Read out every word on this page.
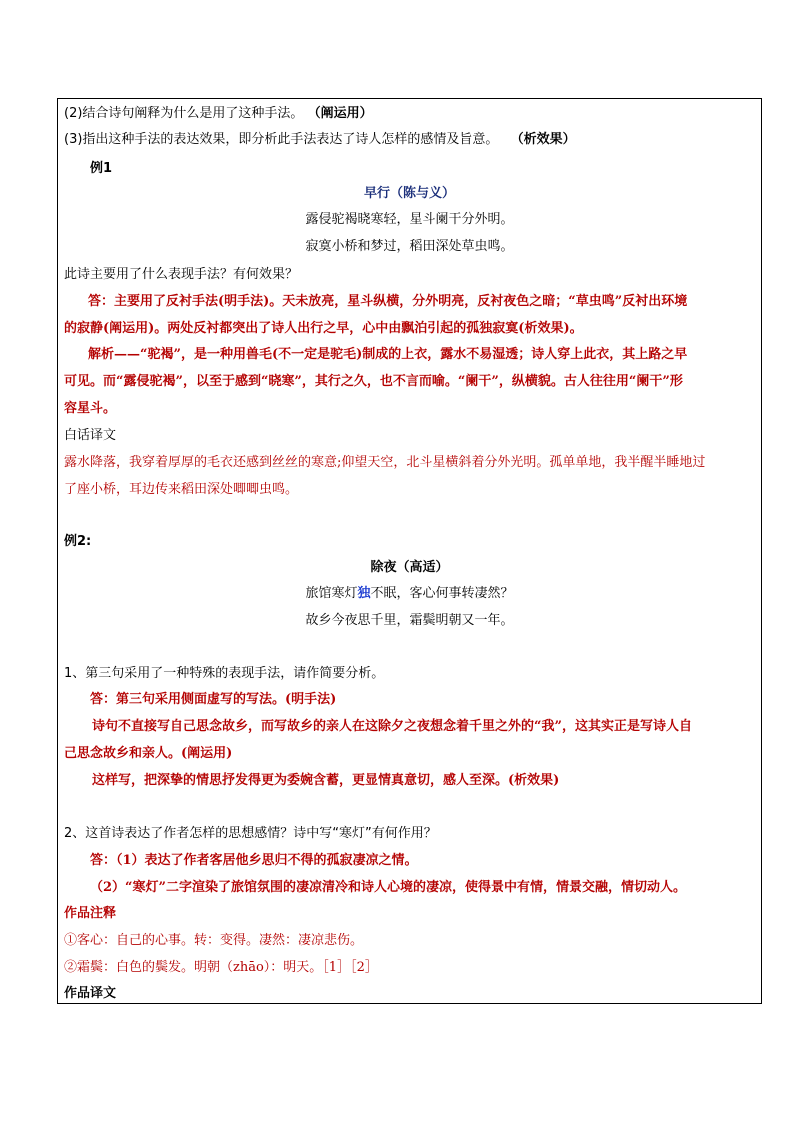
(2)结合诗句阐释为什么是用了这种手法。 （阐运用）
(3)指出这种手法的表达效果，即分析此手法表达了诗人怎样的感情及旨意。 （析效果）
例1
早行（陈与义）
露侵驼褐晓寒轻，星斗阑干分外明。
寂寞小桥和梦过，稻田深处草虫鸣。
此诗主要用了什么表现手法？有何效果？
答：主要用了反衬手法(明手法)。天未放亮，星斗纵横，分外明亮，反衬夜色之暗；“草虫鸣”反衬出环境
的寂静(阐运用)。两处反衬都突出了诗人出行之早，心中由飘泊引起的孤独寂寞(析效果)。
解析——“驼褐”，是一种用兽毛(不一定是驼毛)制成的上衣，露水不易湿透；诗人穿上此衣，其上路之早
可见。而“露侵驼褐”，以至于感到“晓寒”，其行之久，也不言而喻。“阑干”，纵横貌。古人往往用“阑干”形
容星斗。
白话译文
露水降落，我穿着厚厚的毛衣还感到丝丝的寒意;仰望天空，北斗星横斜着分外光明。孤单单地，我半醒半睡地过
了座小桥，耳边传来稻田深处唧唧虫鸣。
例2:
除夜（高适）
旅馆寒灯独不眠，客心何事转凄然？
故乡今夜思千里，霜鬓明朝又一年。
1、第三句采用了一种特殊的表现手法，请作简要分析。
答：第三句采用侧面虚写的写法。(明手法)
诗句不直接写自己思念故乡，而写故乡的亲人在这除夕之夜想念着千里之外的“我”，这其实正是写诗人自
己思念故乡和亲人。(阐运用)
这样写，把深挚的情思抒发得更为委婉含蓄，更显情真意切，感人至深。(析效果)
2、这首诗表达了作者怎样的思想感情？诗中写“寒灯”有何作用？
答：（1）表达了作者客居他乡思归不得的孤寂凄凉之情。
（2）“寒灯”二字渲染了旅馆氛围的凄凉清冷和诗人心境的凄凉，使得景中有情，情景交融，情切动人。
作品注释
①客心：自己的心事。转：变得。凄然：凄凉悲伤。
②霜鬓：白色的鬓发。明朝（zhāo）：明天。［1］［2］
作品译文
